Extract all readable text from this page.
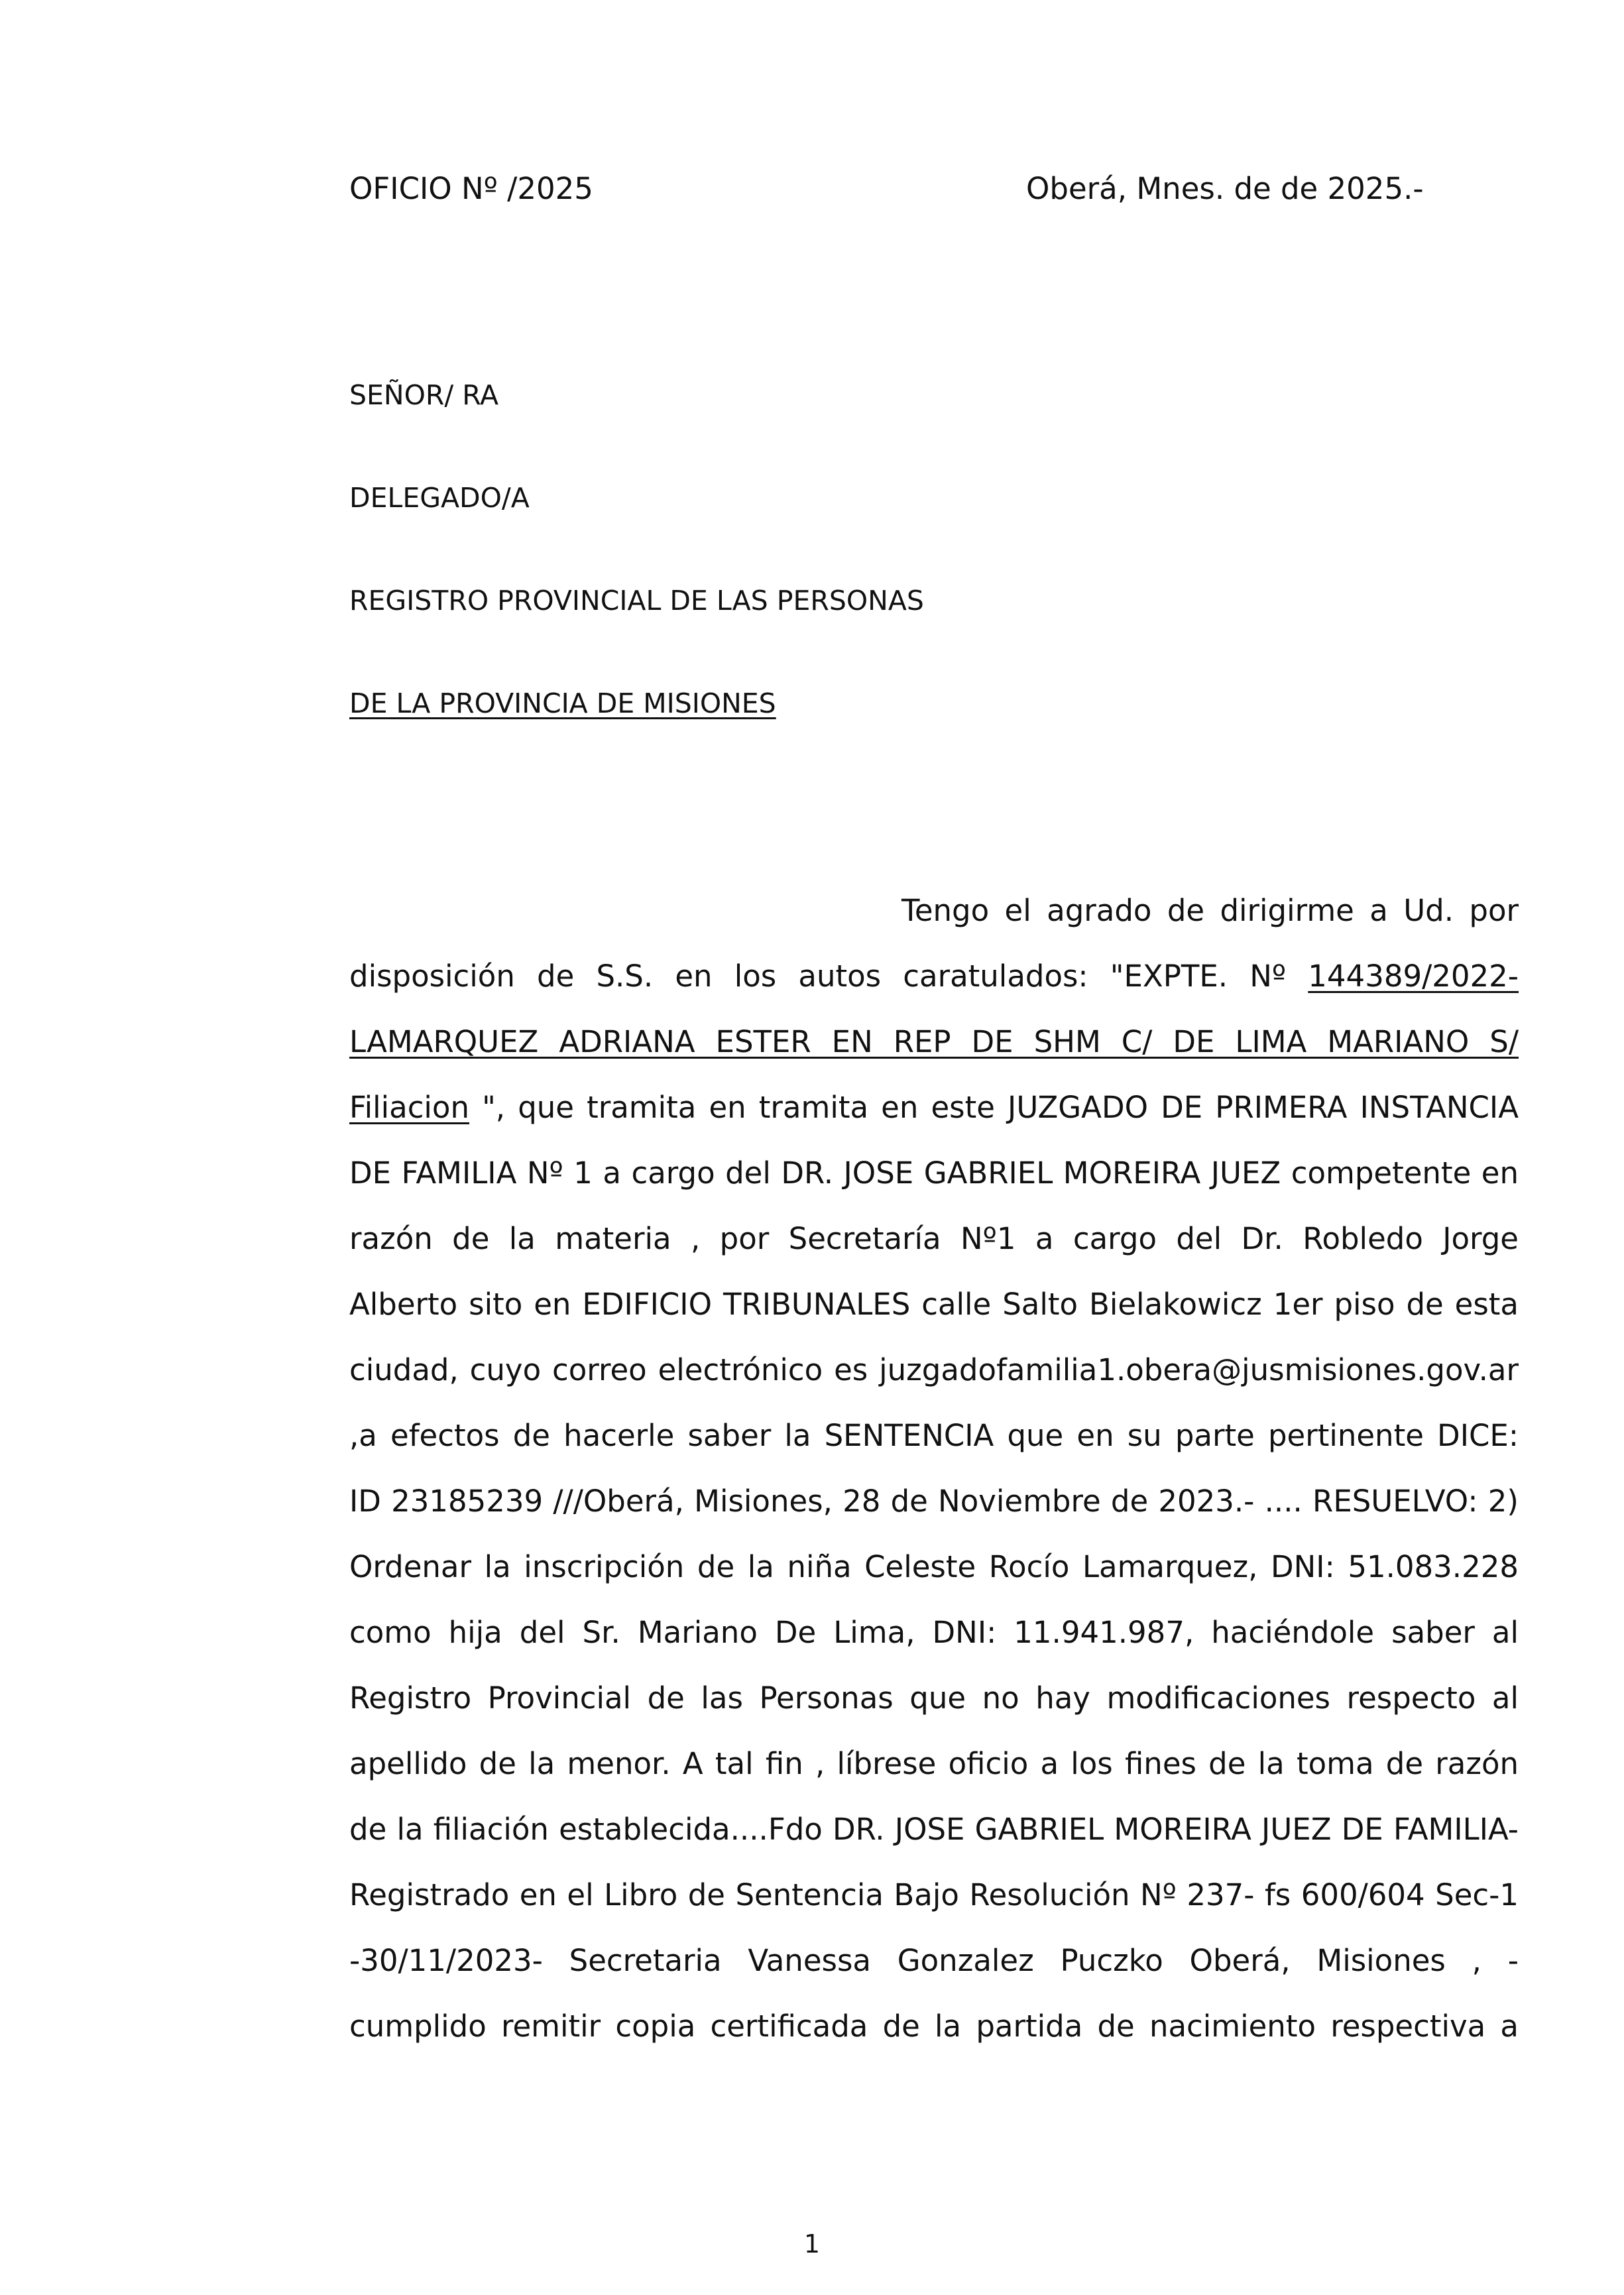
OFICIO Nº /2025	Oberá, Mnes. de de 2025.-
SEÑOR/ RA
DELEGADO/A
REGISTRO PROVINCIAL DE LAS PERSONAS
DE LA PROVINCIA DE MISIONES
Tengo el agrado de dirigirme a Ud. por
disposición de S.S. en los autos caratulados: "EXPTE. Nº 144389/2022-
LAMARQUEZ ADRIANA ESTER EN REP DE SHM C/ DE LIMA MARIANO S/
Filiacion ", que tramita en tramita en este JUZGADO DE PRIMERA INSTANCIA
DE FAMILIA Nº 1 a cargo del DR. JOSE GABRIEL MOREIRA JUEZ competente en
razón de la materia , por Secretaría Nº1 a cargo del Dr. Robledo Jorge
Alberto sito en EDIFICIO TRIBUNALES calle Salto Bielakowicz 1er piso de esta
ciudad, cuyo correo electrónico es juzgadofamilia1.obera@jusmisiones.gov.ar
,a efectos de hacerle saber la SENTENCIA que en su parte pertinente DICE:
ID 23185239 ///Oberá, Misiones, 28 de Noviembre de 2023.- .... RESUELVO: 2)
Ordenar la inscripción de la niña Celeste Rocío Lamarquez, DNI: 51.083.228
como hija del Sr. Mariano De Lima, DNI: 11.941.987, haciéndole saber al
Registro Provincial de las Personas que no hay modificaciones respecto al
apellido de la menor. A tal fin , líbrese oficio a los fines de la toma de razón
de la filiación establecida....Fdo DR. JOSE GABRIEL MOREIRA JUEZ DE FAMILIA-
Registrado en el Libro de Sentencia Bajo Resolución Nº 237- fs 600/604 Sec-1
-30/11/2023- Secretaria Vanessa Gonzalez Puczko Oberá, Misiones , -
cumplido remitir copia certificada de la partida de nacimiento respectiva a
1
